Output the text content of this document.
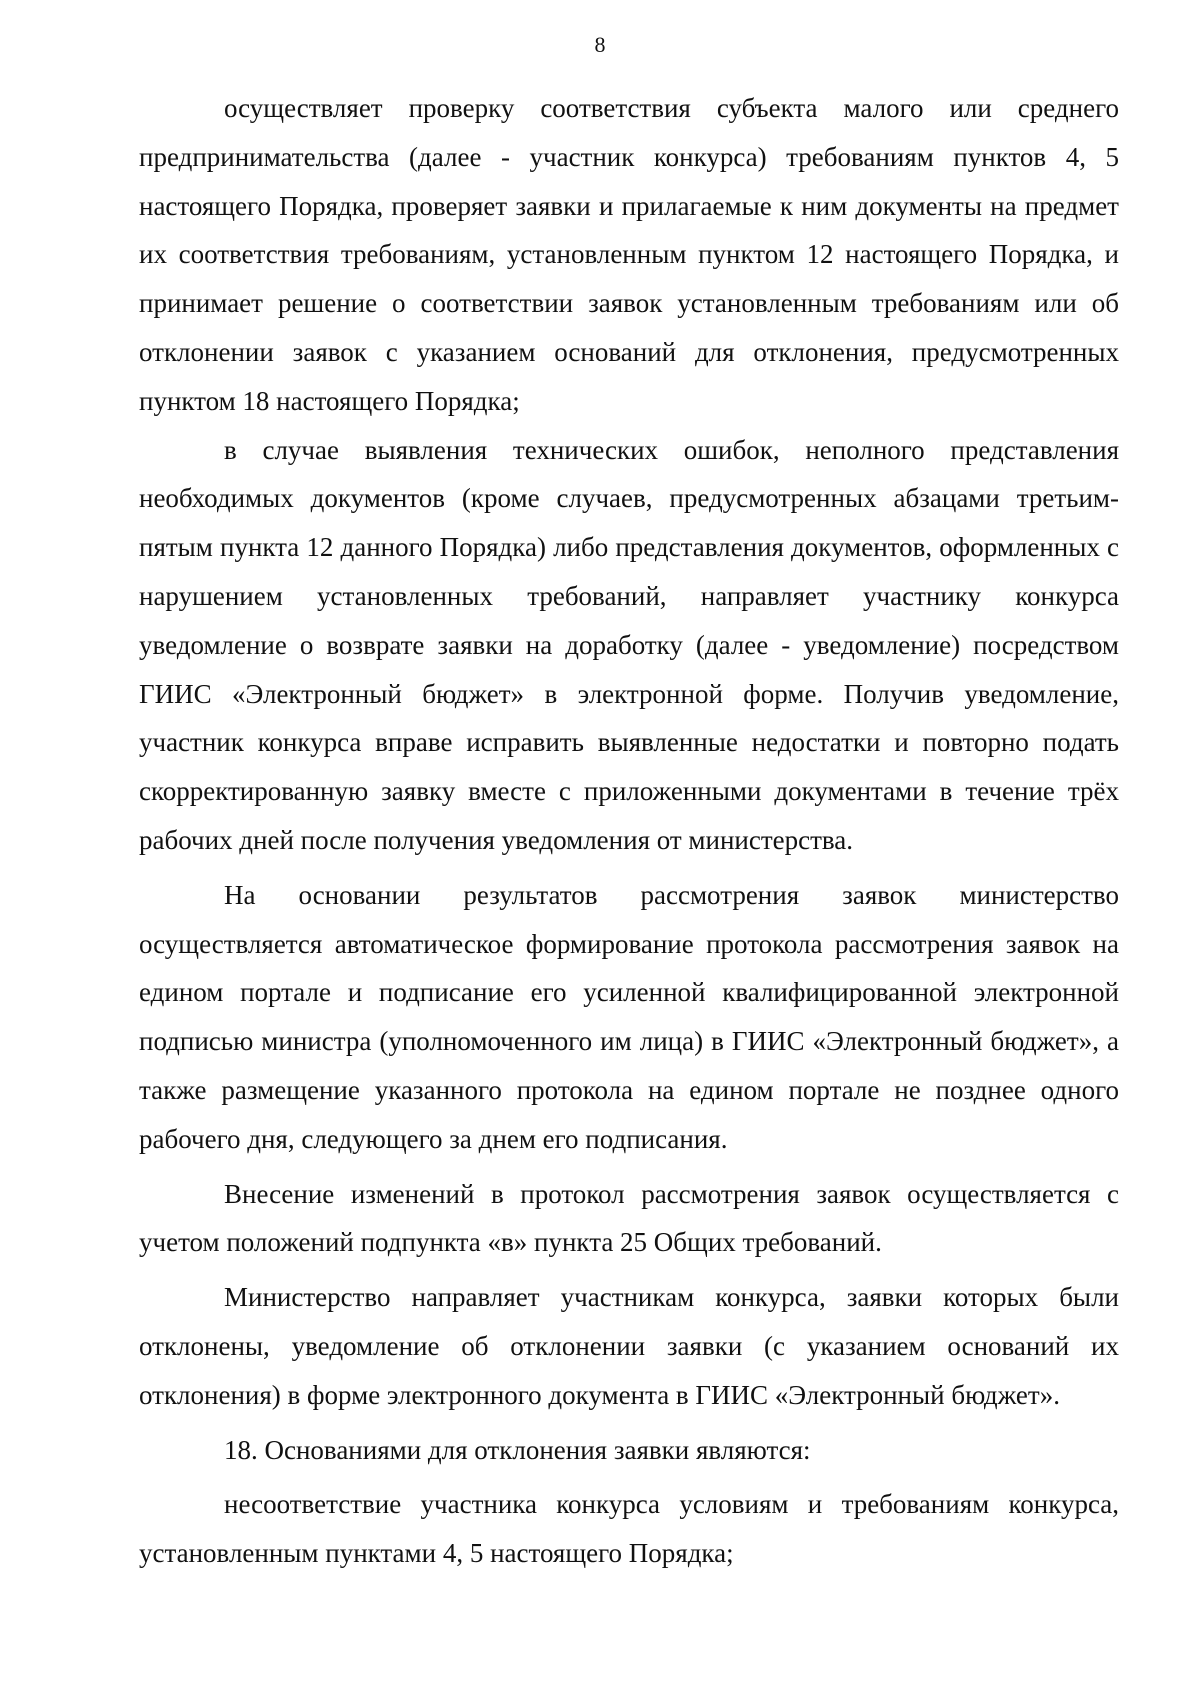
8

осуществляет проверку соответствия субъекта малого или среднего предпринимательства (далее - участник конкурса) требованиям пунктов 4, 5 настоящего Порядка, проверяет заявки и прилагаемые к ним документы на предмет их соответствия требованиям, установленным пунктом 12 настоящего Порядка, и принимает решение о соответствии заявок установленным требованиям или об отклонении заявок с указанием оснований для отклонения, предусмотренных пунктом 18 настоящего Порядка;

в случае выявления технических ошибок, неполного представления необходимых документов (кроме случаев, предусмотренных абзацами третьим-пятым пункта 12 данного Порядка) либо представления документов, оформленных с нарушением установленных требований, направляет участнику конкурса уведомление о возврате заявки на доработку (далее - уведомление) посредством ГИИС «Электронный бюджет» в электронной форме. Получив уведомление, участник конкурса вправе исправить выявленные недостатки и повторно подать скорректированную заявку вместе с приложенными документами в течение трёх рабочих дней после получения уведомления от министерства.

На основании результатов рассмотрения заявок министерство осуществляется автоматическое формирование протокола рассмотрения заявок на едином портале и подписание его усиленной квалифицированной электронной подписью министра (уполномоченного им лица) в ГИИС «Электронный бюджет», а также размещение указанного протокола на едином портале не позднее одного рабочего дня, следующего за днем его подписания.

Внесение изменений в протокол рассмотрения заявок осуществляется с учетом положений подпункта «в» пункта 25 Общих требований.

Министерство направляет участникам конкурса, заявки которых были отклонены, уведомление об отклонении заявки (с указанием оснований их отклонения) в форме электронного документа в ГИИС «Электронный бюджет».

18. Основаниями для отклонения заявки являются:

несоответствие участника конкурса условиям и требованиям конкурса, установленным пунктами 4, 5 настоящего Порядка;
